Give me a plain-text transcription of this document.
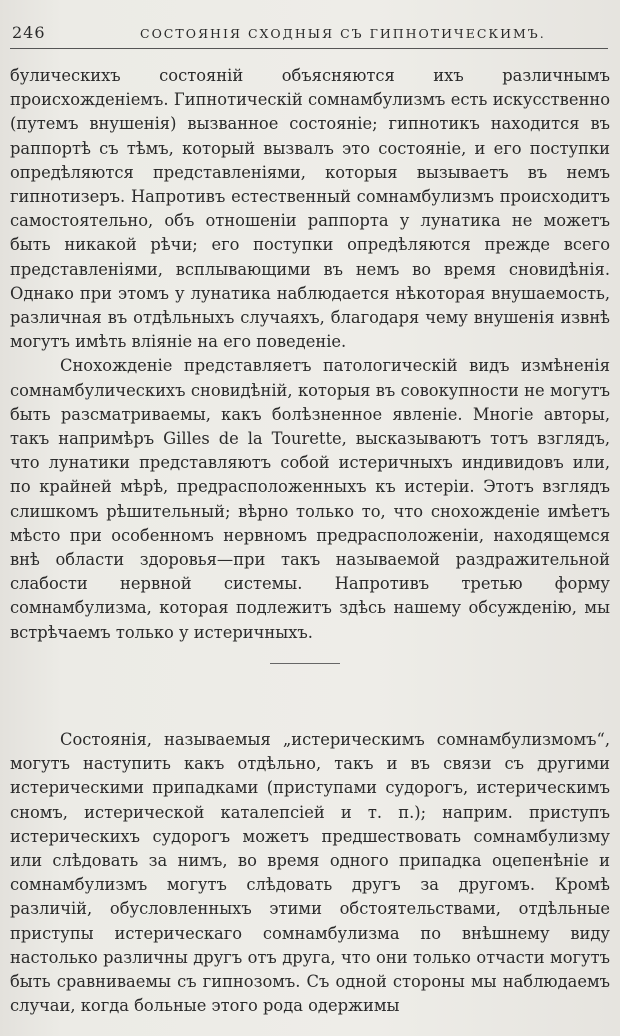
246	СОСТОЯНІЯ СХОДНЫЯ СЪ ГИПНОТИЧЕСКИМЪ.

булическихъ состояній объясняются ихъ различнымъ происхожденіемъ. Гипнотическій сомнамбулизмъ есть искусственно (путемъ внушенія) вызванное состояніе; гипнотикъ находится въ раппортѣ съ тѣмъ, который вызвалъ это состояніе, и его поступки опредѣляются представленіями, которыя вызываетъ въ немъ гипнотизеръ. Напротивъ естественный сомнамбулизмъ происходитъ самостоятельно, объ отношеніи раппорта у лунатика не можетъ быть никакой рѣчи; его поступки опредѣляются прежде всего представленіями, всплывающими въ немъ во время сновидѣнія. Однако при этомъ у лунатика наблюдается нѣкоторая внушаемость, различная въ отдѣльныхъ случаяхъ, благодаря чему внушенія извнѣ могутъ имѣть вліяніе на его поведеніе.

Снохожденіе представляетъ патологическій видъ измѣненія сомнамбулическихъ сновидѣній, которыя въ совокупности не могутъ быть разсматриваемы, какъ болѣзненное явленіе. Многіе авторы, такъ напримѣръ Gilles de la Tourette, высказываютъ тотъ взглядъ, что лунатики представляютъ собой истеричныхъ индивидовъ или, по крайней мѣрѣ, предрасположенныхъ къ истеріи. Этотъ взглядъ слишкомъ рѣшительный; вѣрно только то, что снохожденіе имѣетъ мѣсто при особенномъ нервномъ предрасположеніи, находящемся внѣ области здоровья—при такъ называемой раздражительной слабости нервной системы. Напротивъ третью форму сомнамбулизма, которая подлежитъ здѣсь нашему обсужденію, мы встрѣчаемъ только у истеричныхъ.

Состоянія, называемыя „истерическимъ сомнамбулизмомъ“, могутъ наступить какъ отдѣльно, такъ и въ связи съ другими истерическими припадками (приступами судорогъ, истерическимъ сномъ, истерической каталепсіей и т. п.); наприм. приступъ истерическихъ судорогъ можетъ предшествовать сомнамбулизму или слѣдовать за нимъ, во время одного припадка оцепенѣніе и сомнамбулизмъ могутъ слѣдовать другъ за другомъ. Кромѣ различій, обусловленныхъ этими обстоятельствами, отдѣльные приступы истерическаго сомнамбулизма по внѣшнему виду настолько различны другъ отъ друга, что они только отчасти могутъ быть сравниваемы съ гипнозомъ. Съ одной стороны мы наблюдаемъ случаи, когда больные этого рода одержимы
